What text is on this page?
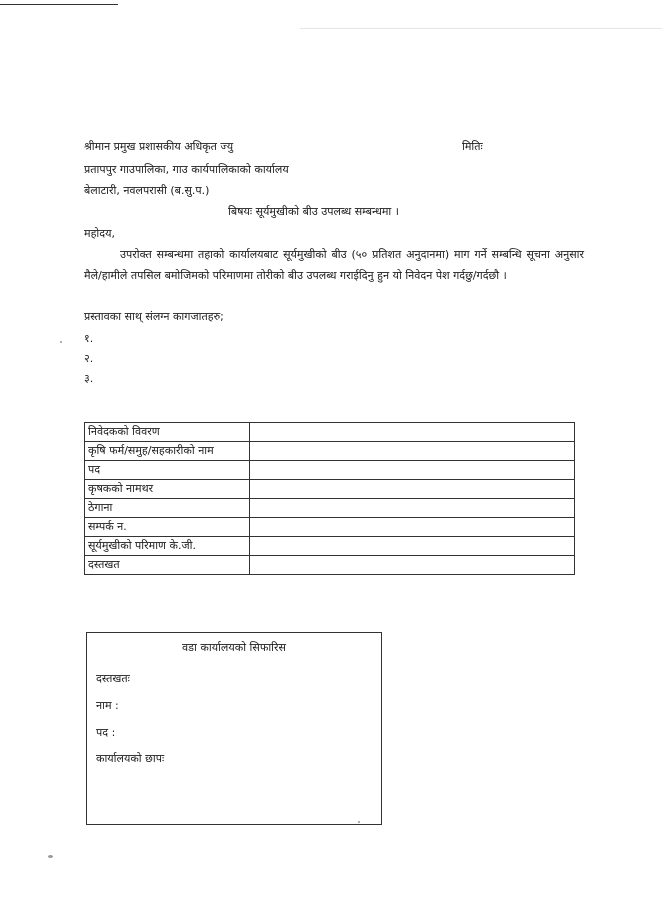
श्रीमान प्रमुख प्रशासकीय अधिकृत ज्यु	मितिः
प्रतापपुर गाउपालिका, गाउ कार्यपालिकाको कार्यालय
बेलाटारी, नवलपरासी (ब.सु.प.)
बिषयः सूर्यमुखीको बीउ उपलब्ध सम्बन्धमा ।
महोदय,
उपरोक्त सम्बन्धमा तहाको कार्यालयबाट सूर्यमुखीको बीउ (५० प्रतिशत अनुदानमा) माग गर्ने सम्बन्धि सूचना अनुसार मैले/हामीले तपसिल बमोजिमको परिमाणमा तोरीको बीउ उपलब्ध गराईदिनु हुन यो निवेदन पेश गर्दछु/गर्दछौ ।
प्रस्तावका साथ् संलग्न कागजातहरु;
१.
२.
३.
निवेदकको विवरण	
कृषि फर्म/समुह/सहकारीको नाम	
पद	
कृषकको नामथर	
ठेगाना	
सम्पर्क न.	
सूर्यमुखीको परिमाण के.जी.	
दस्तखत	
वडा कार्यालयको सिफारिस
दस्तखतः
नाम :
पद :
कार्यालयको छापः
